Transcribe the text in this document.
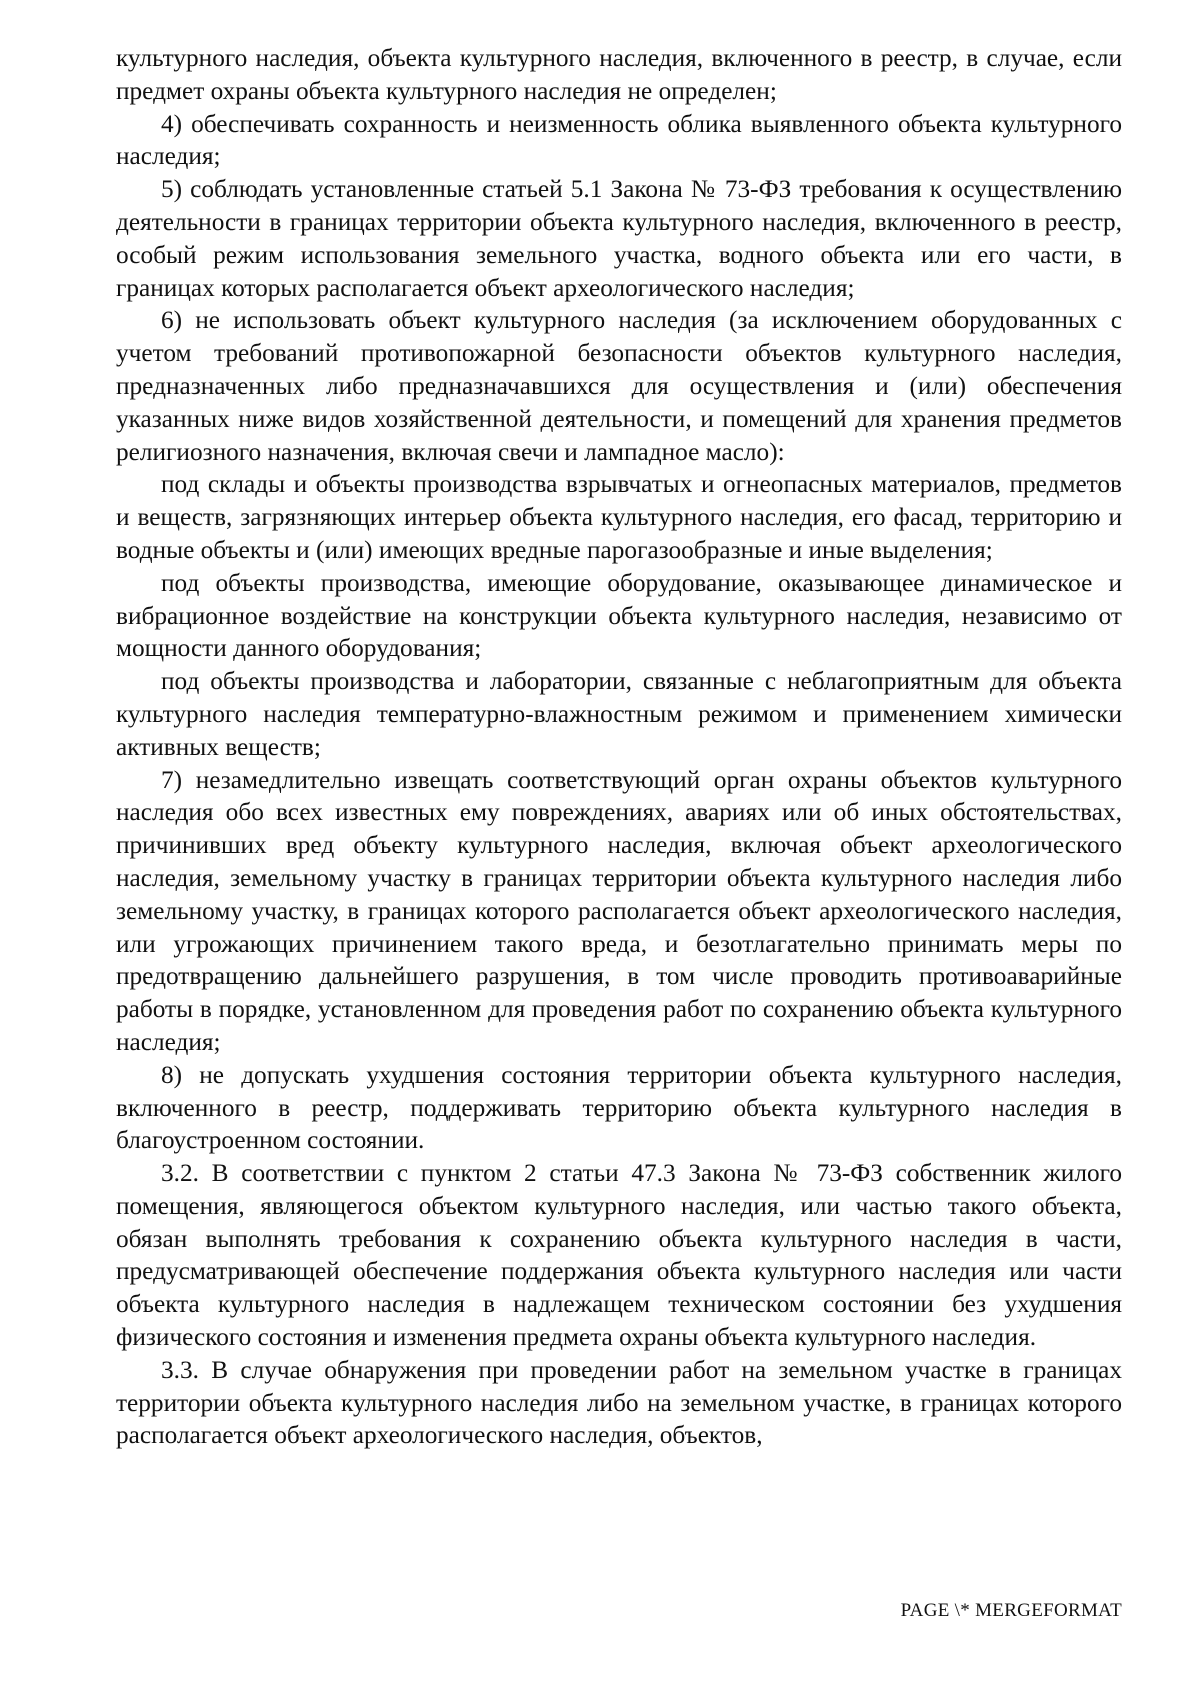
культурного наследия, объекта культурного наследия, включенного в реестр, в случае, если предмет охраны объекта культурного наследия не определен;

4) обеспечивать сохранность и неизменность облика выявленного объекта культурного наследия;

5) соблюдать установленные статьей 5.1 Закона № 73-ФЗ требования к осуществлению деятельности в границах территории объекта культурного наследия, включенного в реестр, особый режим использования земельного участка, водного объекта или его части, в границах которых располагается объект археологического наследия;

6) не использовать объект культурного наследия (за исключением оборудованных с учетом требований противопожарной безопасности объектов культурного наследия, предназначенных либо предназначавшихся для осуществления и (или) обеспечения указанных ниже видов хозяйственной деятельности, и помещений для хранения предметов религиозного назначения, включая свечи и лампадное масло):

под склады и объекты производства взрывчатых и огнеопасных материалов, предметов и веществ, загрязняющих интерьер объекта культурного наследия, его фасад, территорию и водные объекты и (или) имеющих вредные парогазообразные и иные выделения;

под объекты производства, имеющие оборудование, оказывающее динамическое и вибрационное воздействие на конструкции объекта культурного наследия, независимо от мощности данного оборудования;

под объекты производства и лаборатории, связанные с неблагоприятным для объекта культурного наследия температурно-влажностным режимом и применением химически активных веществ;

7) незамедлительно извещать соответствующий орган охраны объектов культурного наследия обо всех известных ему повреждениях, авариях или об иных обстоятельствах, причинивших вред объекту культурного наследия, включая объект археологического наследия, земельному участку в границах территории объекта культурного наследия либо земельному участку, в границах которого располагается объект археологического наследия, или угрожающих причинением такого вреда, и безотлагательно принимать меры по предотвращению дальнейшего разрушения, в том числе проводить противоаварийные работы в порядке, установленном для проведения работ по сохранению объекта культурного наследия;

8) не допускать ухудшения состояния территории объекта культурного наследия, включенного в реестр, поддерживать территорию объекта культурного наследия в благоустроенном состоянии.

3.2. В соответствии с пунктом 2 статьи 47.3 Закона № 73-ФЗ собственник жилого помещения, являющегося объектом культурного наследия, или частью такого объекта, обязан выполнять требования к сохранению объекта культурного наследия в части, предусматривающей обеспечение поддержания объекта культурного наследия или части объекта культурного наследия в надлежащем техническом состоянии без ухудшения физического состояния и изменения предмета охраны объекта культурного наследия.

3.3. В случае обнаружения при проведении работ на земельном участке в границах территории объекта культурного наследия либо на земельном участке, в границах которого располагается объект археологического наследия, объектов,

PAGE \* MERGEFORMAT
